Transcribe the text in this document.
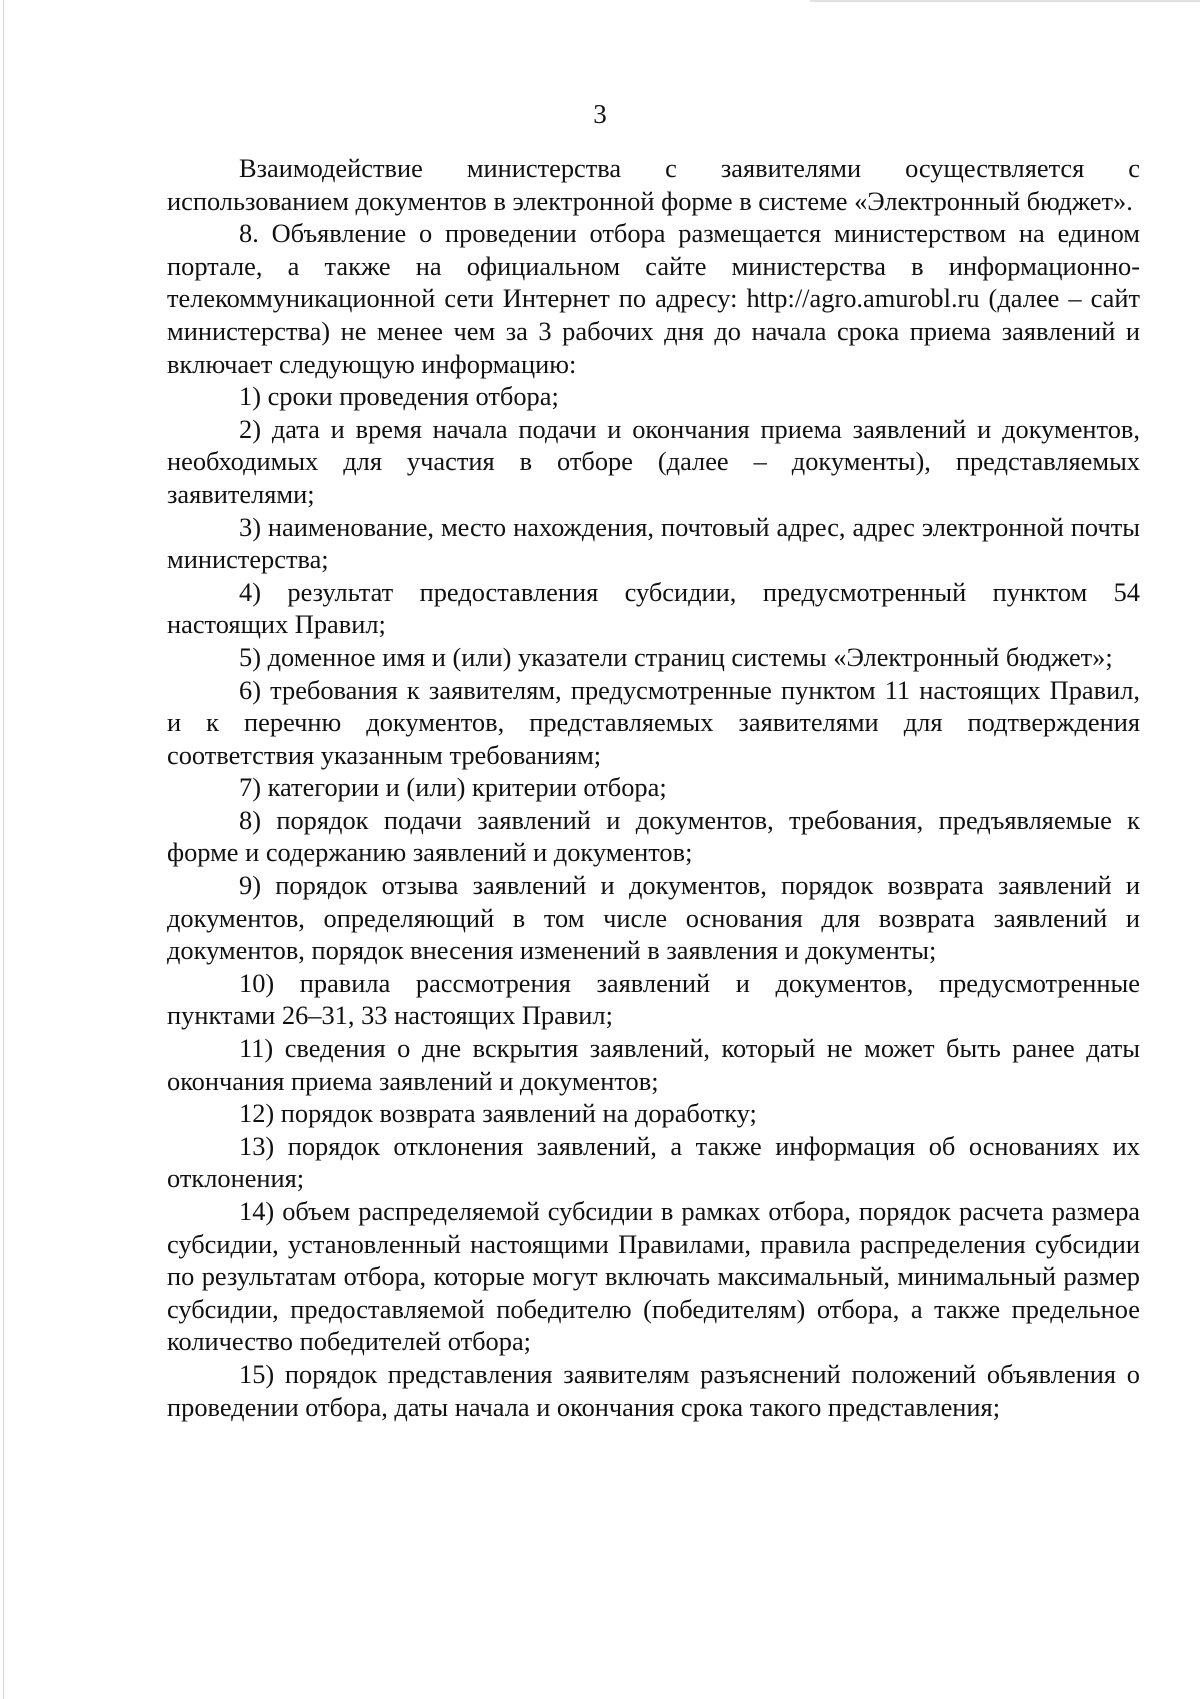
3

Взаимодействие министерства с заявителями осуществляется с использованием документов в электронной форме в системе «Электронный бюджет».

8. Объявление о проведении отбора размещается министерством на едином портале, а также на официальном сайте министерства в информационно-телекоммуникационной сети Интернет по адресу: http://agro.amurobl.ru (далее – сайт министерства) не менее чем за 3 рабочих дня до начала срока приема заявлений и включает следующую информацию:

1) сроки проведения отбора;

2) дата и время начала подачи и окончания приема заявлений и документов, необходимых для участия в отборе (далее – документы), представляемых заявителями;

3) наименование, место нахождения, почтовый адрес, адрес электронной почты министерства;

4) результат предоставления субсидии, предусмотренный пунктом 54 настоящих Правил;

5) доменное имя и (или) указатели страниц системы «Электронный бюджет»;

6) требования к заявителям, предусмотренные пунктом 11 настоящих Правил, и к перечню документов, представляемых заявителями для подтверждения соответствия указанным требованиям;

7) категории и (или) критерии отбора;

8) порядок подачи заявлений и документов, требования, предъявляемые к форме и содержанию заявлений и документов;

9) порядок отзыва заявлений и документов, порядок возврата заявлений и документов, определяющий в том числе основания для возврата заявлений и документов, порядок внесения изменений в заявления и документы;

10) правила рассмотрения заявлений и документов, предусмотренные пунктами 26–31, 33 настоящих Правил;

11) сведения о дне вскрытия заявлений, который не может быть ранее даты окончания приема заявлений и документов;

12) порядок возврата заявлений на доработку;

13) порядок отклонения заявлений, а также информация об основаниях их отклонения;

14) объем распределяемой субсидии в рамках отбора, порядок расчета размера субсидии, установленный настоящими Правилами, правила распределения субсидии по результатам отбора, которые могут включать максимальный, минимальный размер субсидии, предоставляемой победителю (победителям) отбора, а также предельное количество победителей отбора;

15) порядок представления заявителям разъяснений положений объявления о проведении отбора, даты начала и окончания срока такого представления;
